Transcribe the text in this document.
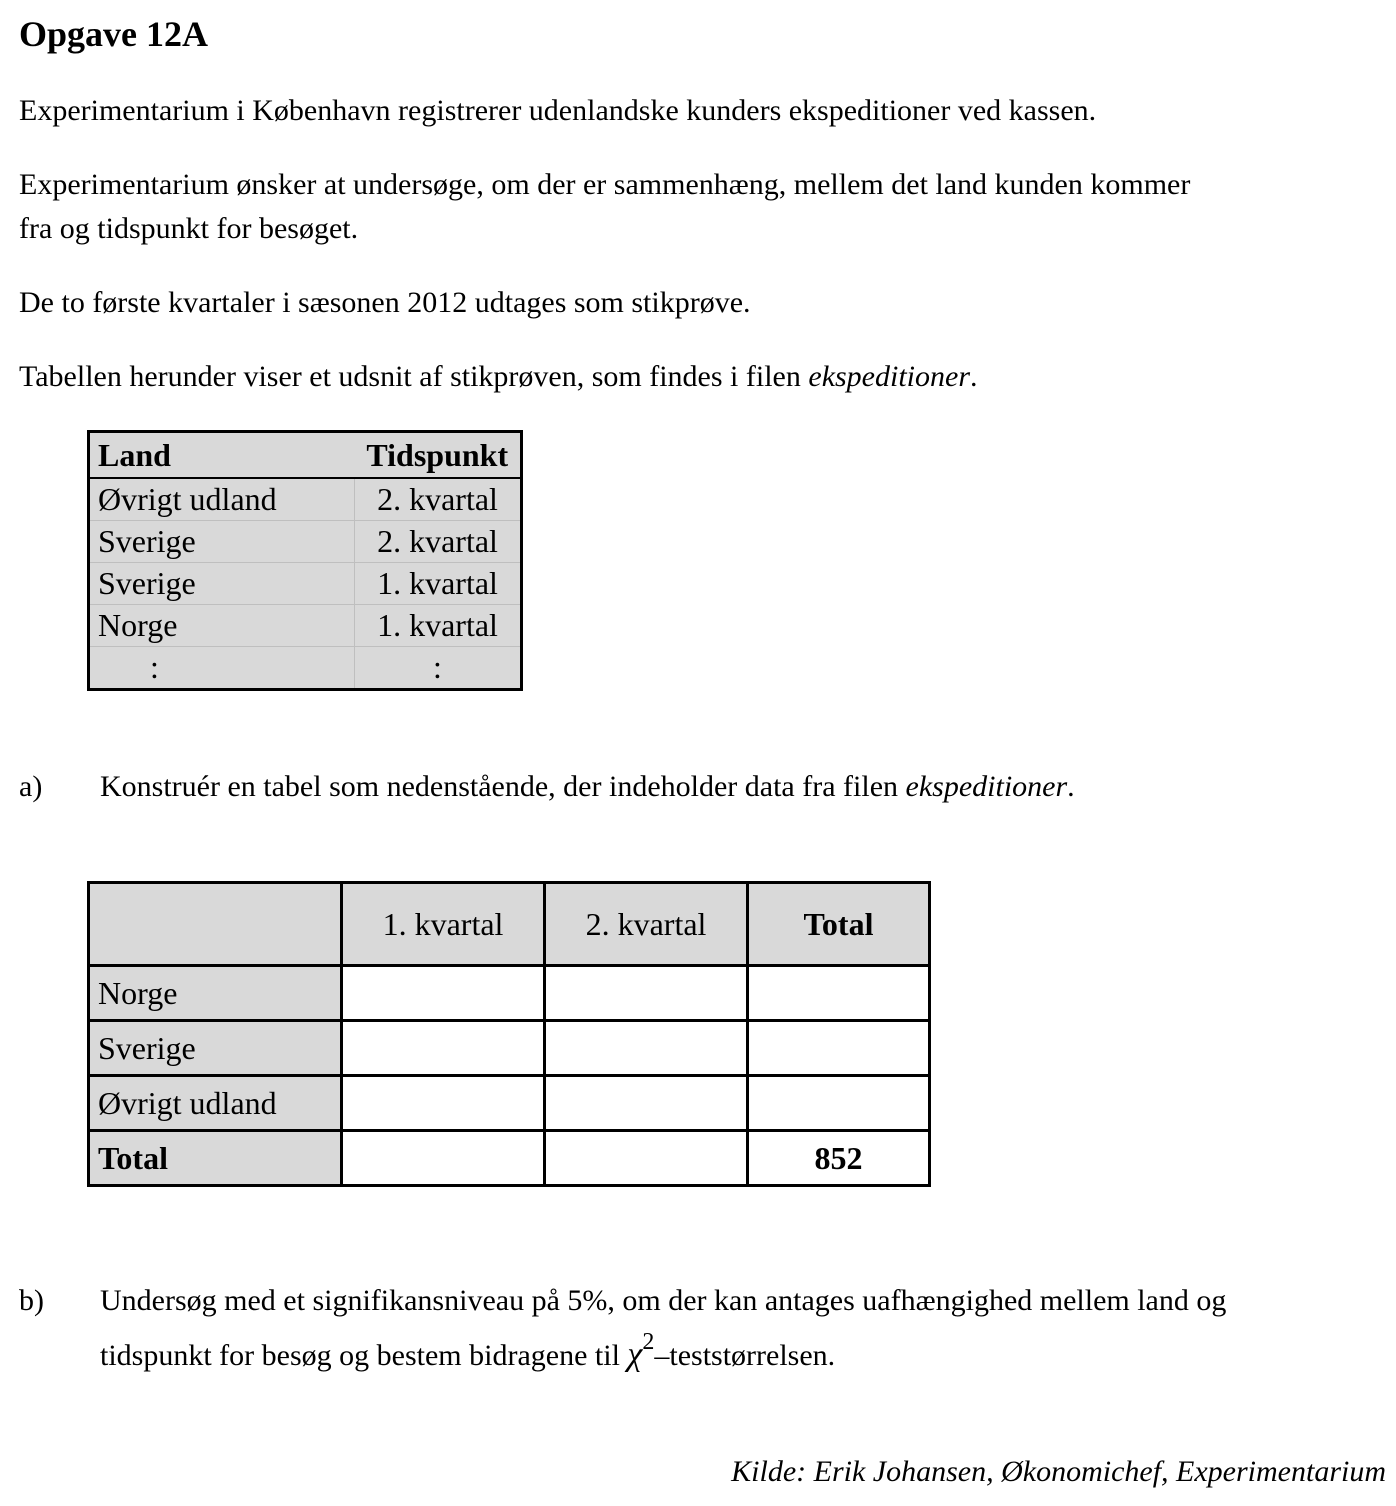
Opgave 12A
Experimentarium i København registrerer udenlandske kunders ekspeditioner ved kassen.
Experimentarium ønsker at undersøge, om der er sammenhæng, mellem det land kunden kommer
fra og tidspunkt for besøget.
De to første kvartaler i sæsonen 2012 udtages som stikprøve.
Tabellen herunder viser et udsnit af stikprøven, som findes i filen ekspeditioner.
Land	Tidspunkt
Øvrigt udland	2. kvartal
Sverige	2. kvartal
Sverige	1. kvartal
Norge	1. kvartal
:	:
a) Konstruér en tabel som nedenstående, der indeholder data fra filen ekspeditioner.
	1. kvartal	2. kvartal	Total
Norge			
Sverige			
Øvrigt udland			
Total			852
b) Undersøg med et signifikansniveau på 5%, om der kan antages uafhængighed mellem land og
tidspunkt for besøg og bestem bidragene til $\chi^2$–teststørrelsen.
Kilde: Erik Johansen, Økonomichef, Experimentarium
